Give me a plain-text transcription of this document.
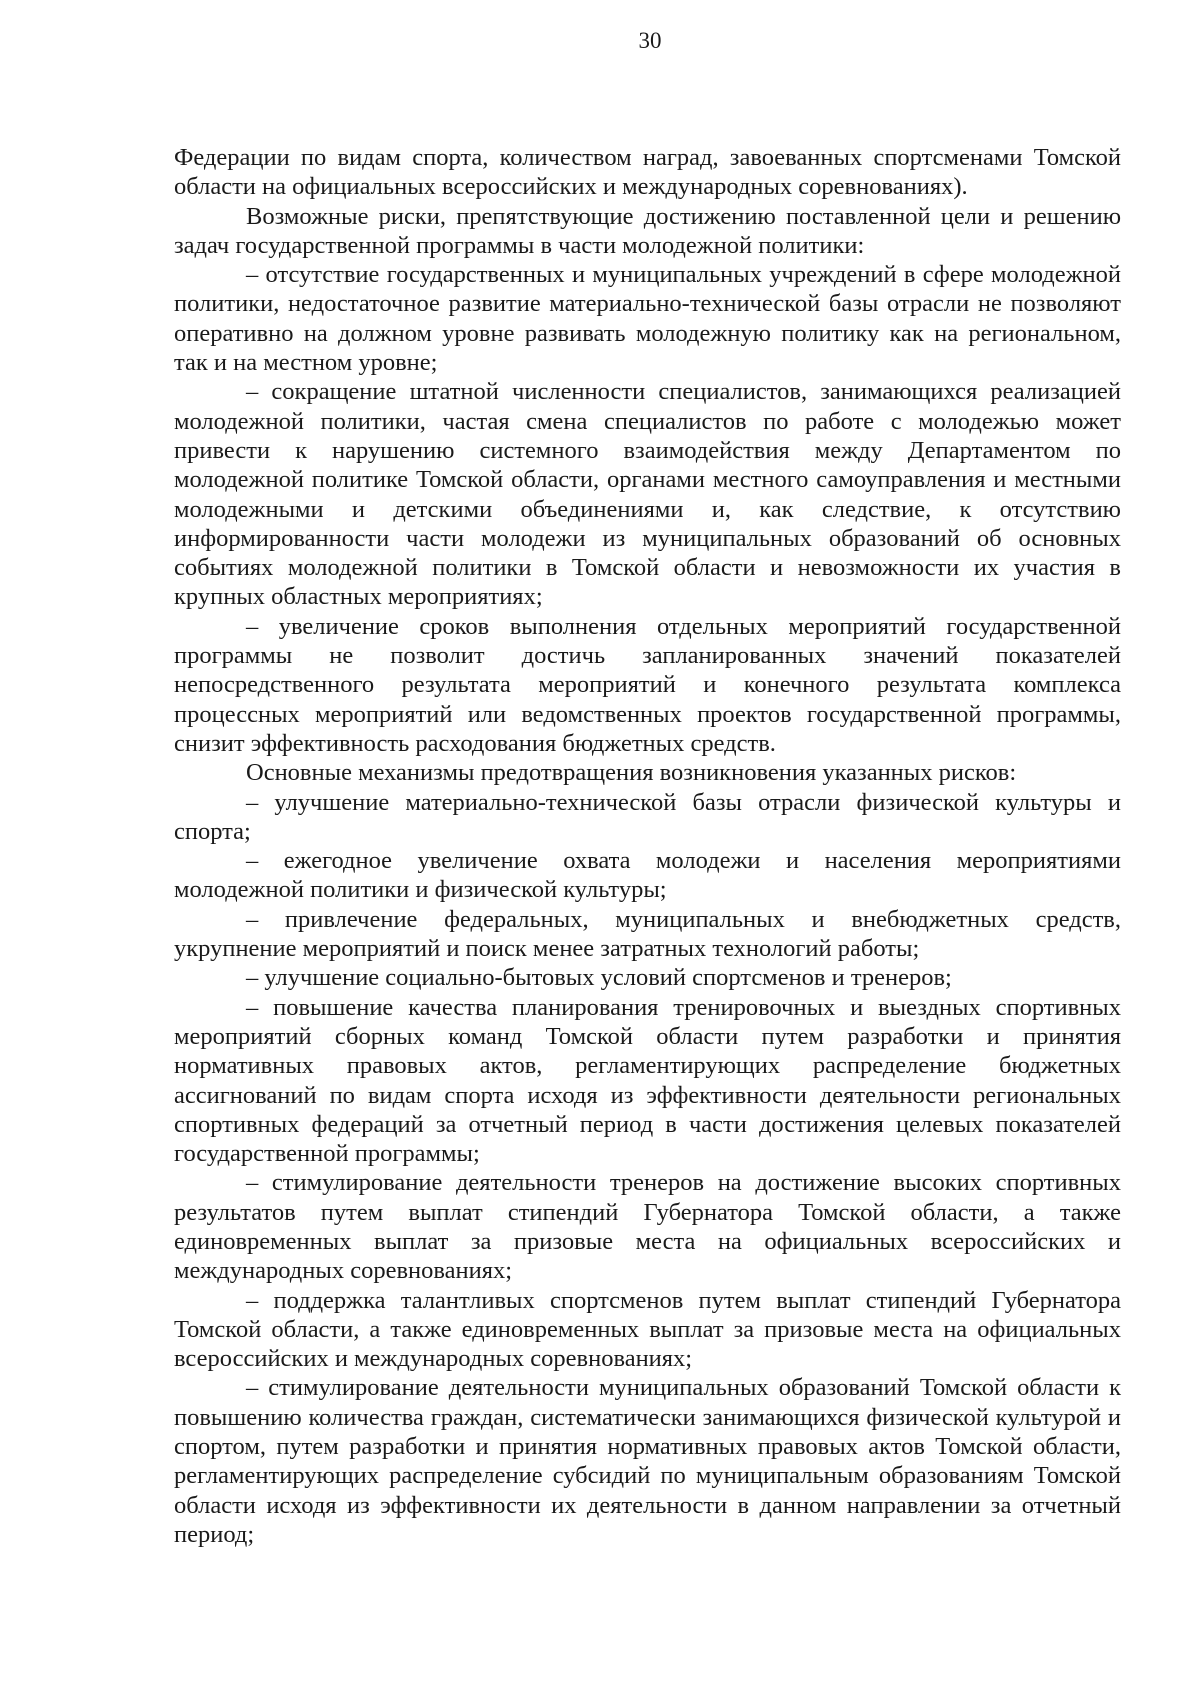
30

Федерации по видам спорта, количеством наград, завоеванных спортсменами Томской области на официальных всероссийских и международных соревнованиях).

Возможные риски, препятствующие достижению поставленной цели и решению задач государственной программы в части молодежной политики:

– отсутствие государственных и муниципальных учреждений в сфере молодежной политики, недостаточное развитие материально-технической базы отрасли не позволяют оперативно на должном уровне развивать молодежную политику как на региональном, так и на местном уровне;

– сокращение штатной численности специалистов, занимающихся реализацией молодежной политики, частая смена специалистов по работе с молодежью может привести к нарушению системного взаимодействия между Департаментом по молодежной политике Томской области, органами местного самоуправления и местными молодежными и детскими объединениями и, как следствие, к отсутствию информированности части молодежи из муниципальных образований об основных событиях молодежной политики в Томской области и невозможности их участия в крупных областных мероприятиях;

– увеличение сроков выполнения отдельных мероприятий государственной программы не позволит достичь запланированных значений показателей непосредственного результата мероприятий и конечного результата комплекса процессных мероприятий или ведомственных проектов государственной программы, снизит эффективность расходования бюджетных средств.

Основные механизмы предотвращения возникновения указанных рисков:

– улучшение материально-технической базы отрасли физической культуры и спорта;

– ежегодное увеличение охвата молодежи и населения мероприятиями молодежной политики и физической культуры;

– привлечение федеральных, муниципальных и внебюджетных средств, укрупнение мероприятий и поиск менее затратных технологий работы;

– улучшение социально-бытовых условий спортсменов и тренеров;

– повышение качества планирования тренировочных и выездных спортивных мероприятий сборных команд Томской области путем разработки и принятия нормативных правовых актов, регламентирующих распределение бюджетных ассигнований по видам спорта исходя из эффективности деятельности региональных спортивных федераций за отчетный период в части достижения целевых показателей государственной программы;

– стимулирование деятельности тренеров на достижение высоких спортивных результатов путем выплат стипендий Губернатора Томской области, а также единовременных выплат за призовые места на официальных всероссийских и международных соревнованиях;

– поддержка талантливых спортсменов путем выплат стипендий Губернатора Томской области, а также единовременных выплат за призовые места на официальных всероссийских и международных соревнованиях;

– стимулирование деятельности муниципальных образований Томской области к повышению количества граждан, систематически занимающихся физической культурой и спортом, путем разработки и принятия нормативных правовых актов Томской области, регламентирующих распределение субсидий по муниципальным образованиям Томской области исходя из эффективности их деятельности в данном направлении за отчетный период;
